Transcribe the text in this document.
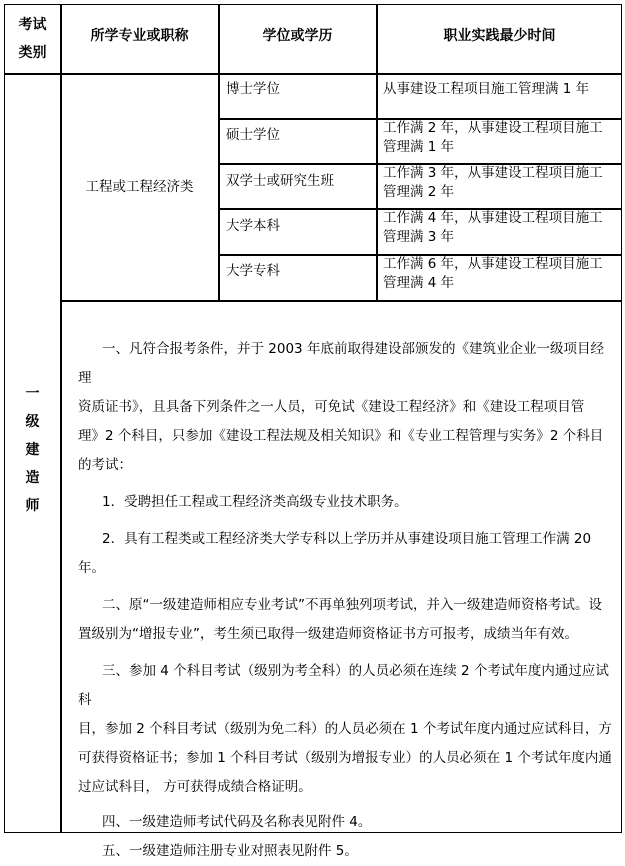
考试
类别
所学专业或职称	学位或学历	职业实践最少时间
一
级
建
造
师
工程或工程经济类
博士学位
硕士学位
双学士或研究生班
大学本科
大学专科
从事建设工程项目施工管理满 1 年
工作满 2 年，从事建设工程项目施工
管理满 1 年
工作满 3 年，从事建设工程项目施工
管理满 2 年
工作满 4 年，从事建设工程项目施工
管理满 3 年
工作满 6 年，从事建设工程项目施工
管理满 4 年

一、凡符合报考条件，并于 2003 年底前取得建设部颁发的《建筑业企业一级项目经理

资质证书》，且具备下列条件之一人员，可免试《建设工程经济》和《建设工程项目管

理》2 个科目，只参加《建设工程法规及相关知识》和《专业工程管理与实务》2 个科目

的考试：

1．受聘担任工程或工程经济类高级专业技术职务。

2．具有工程类或工程经济类大学专科以上学历并从事建设项目施工管理工作满 20 年。

二、原“一级建造师相应专业考试”不再单独列项考试，并入一级建造师资格考试。设

置级别为“增报专业”，考生须已取得一级建造师资格证书方可报考，成绩当年有效。

三、参加 4 个科目考试（级别为考全科）的人员必须在连续 2 个考试年度内通过应试科

目，参加 2 个科目考试（级别为免二科）的人员必须在 1 个考试年度内通过应试科目，方

可获得资格证书；参加 1 个科目考试（级别为增报专业）的人员必须在 1 个考试年度内通

过应试科目， 方可获得成绩合格证明。

四、一级建造师考试代码及名称表见附件 4。

五、一级建造师注册专业对照表见附件 5。
